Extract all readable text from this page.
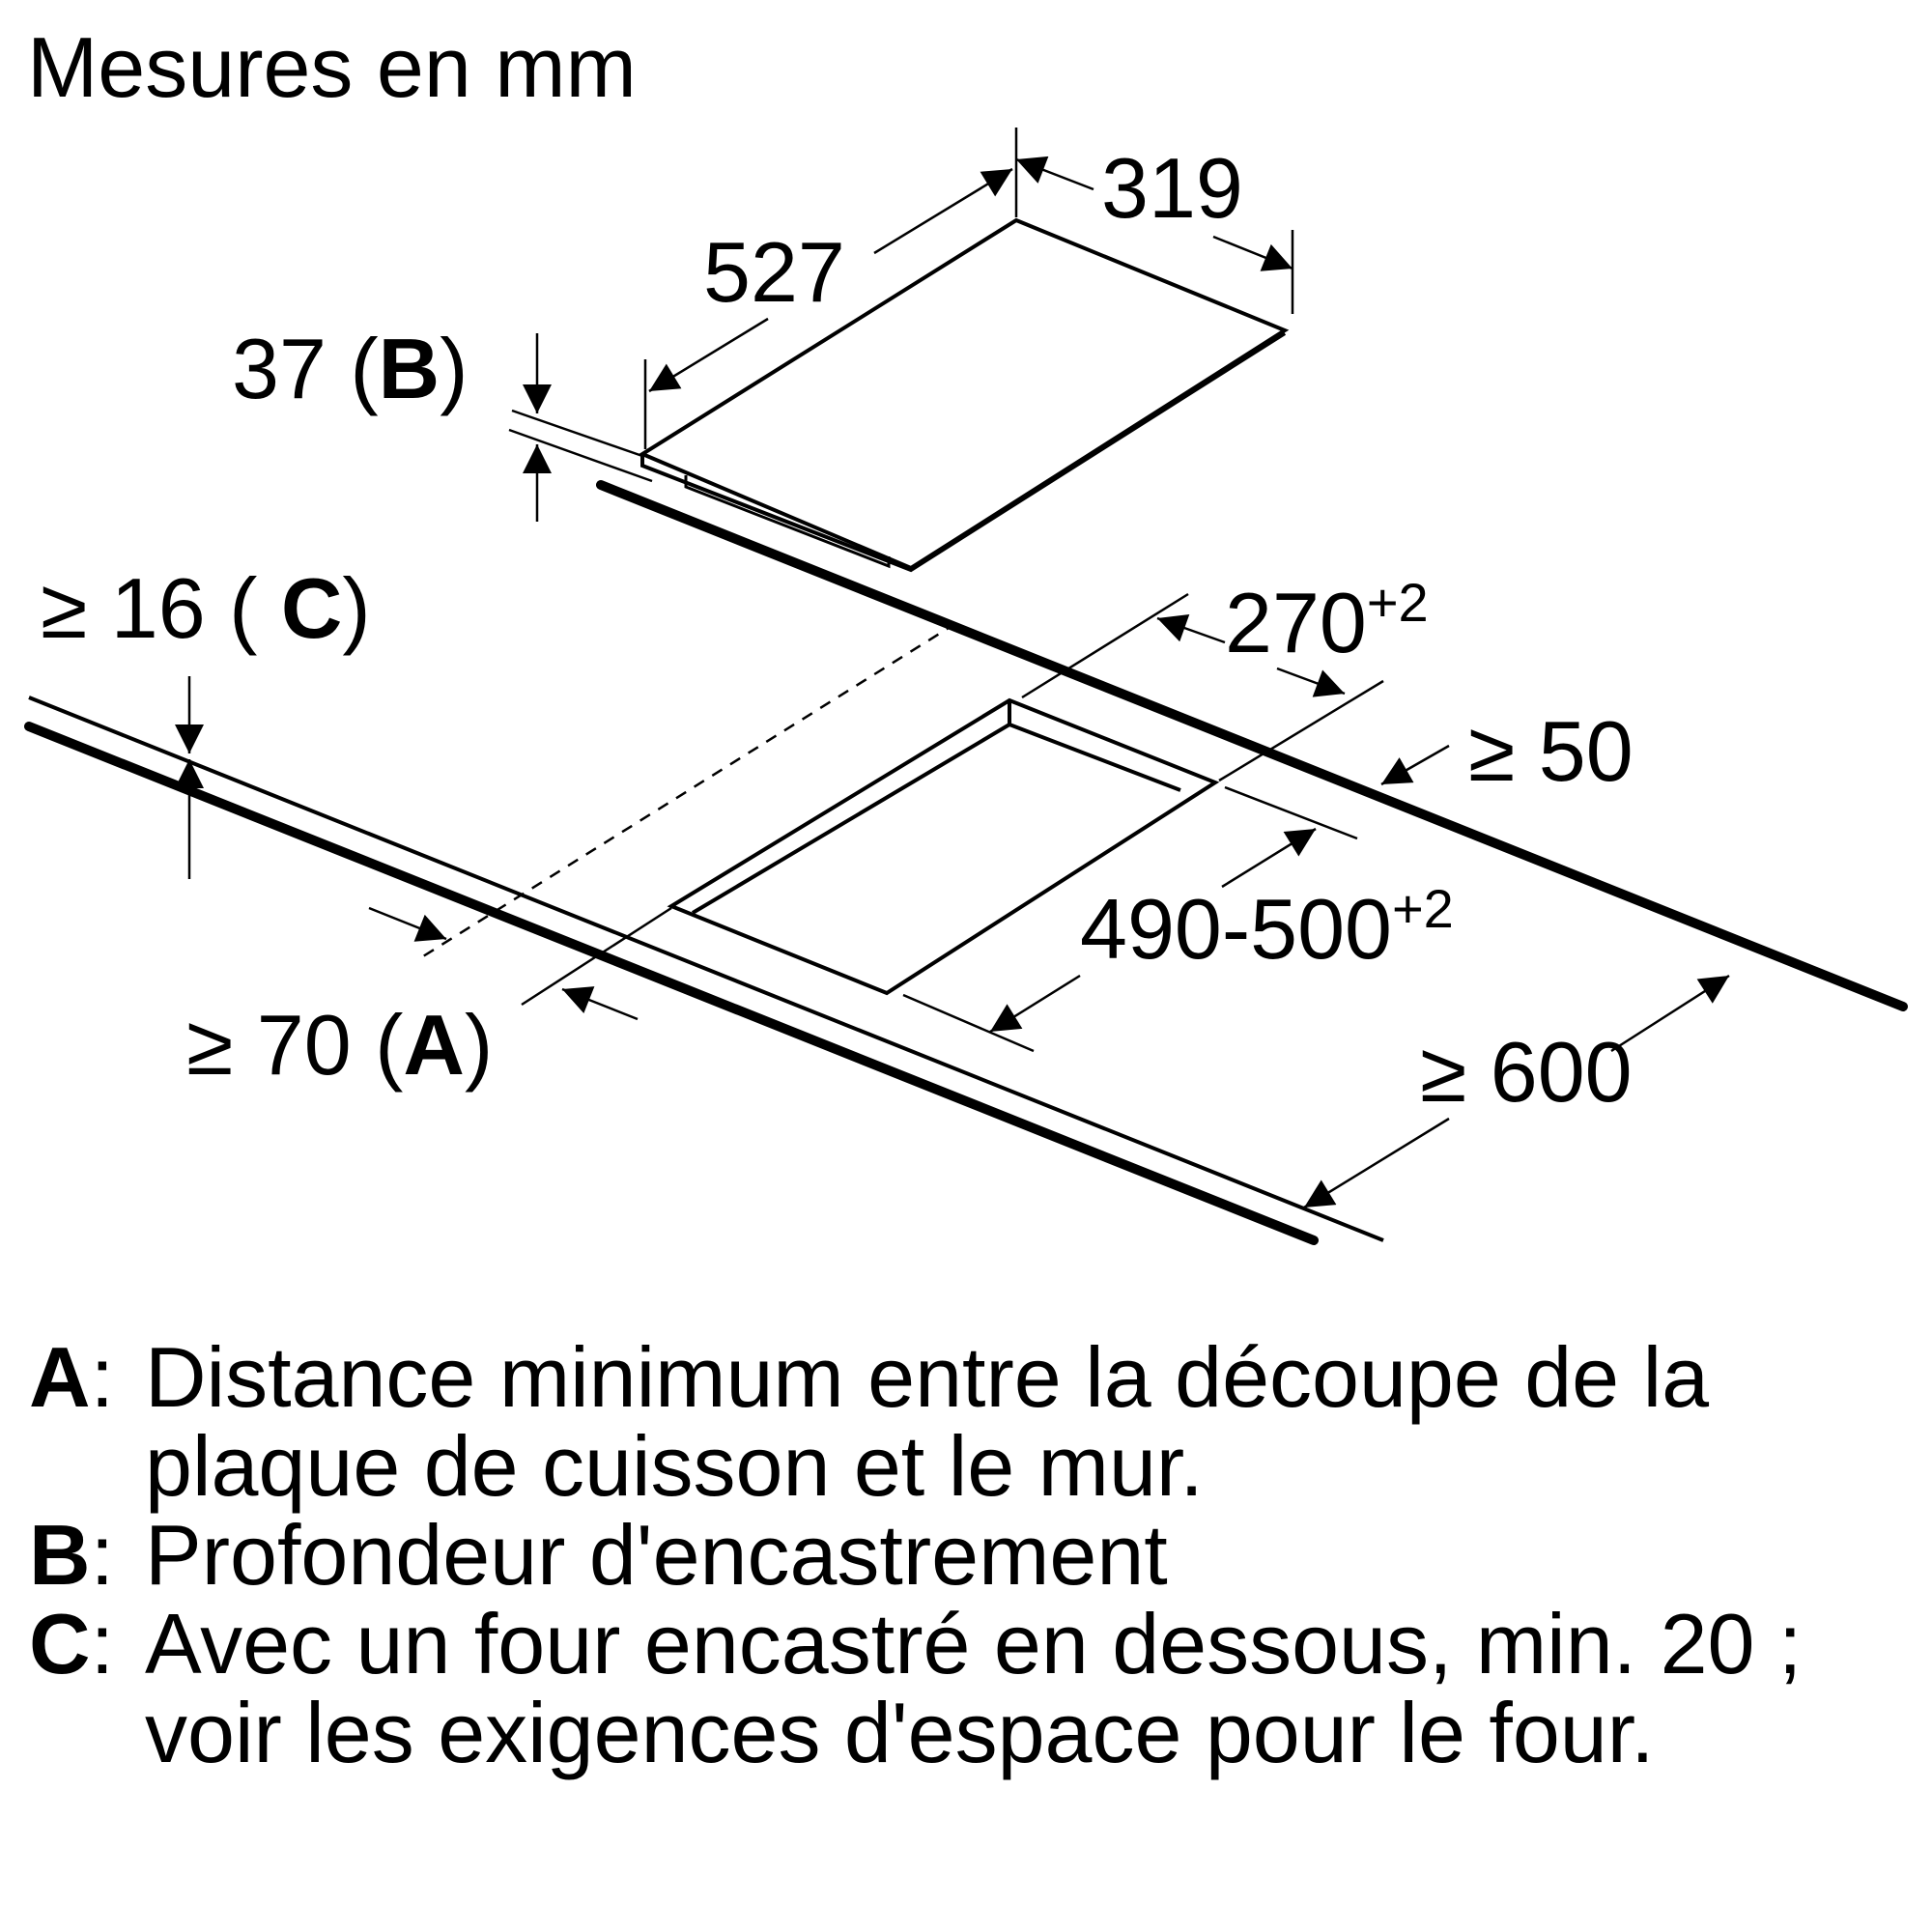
Mesures en mm
319
527
37 (B)
≥ 16 ( C)	$270^{+2}$
≥ 50
$490-500^{+2}$
≥ 70 (A)	≥ 600
A: Distance minimum entre la découpe de la plaque de cuisson et le mur.
B: Profondeur d'encastrement
C: Avec un four encastré en dessous, min. 20 ; voir les exigences d'espace pour le four.
